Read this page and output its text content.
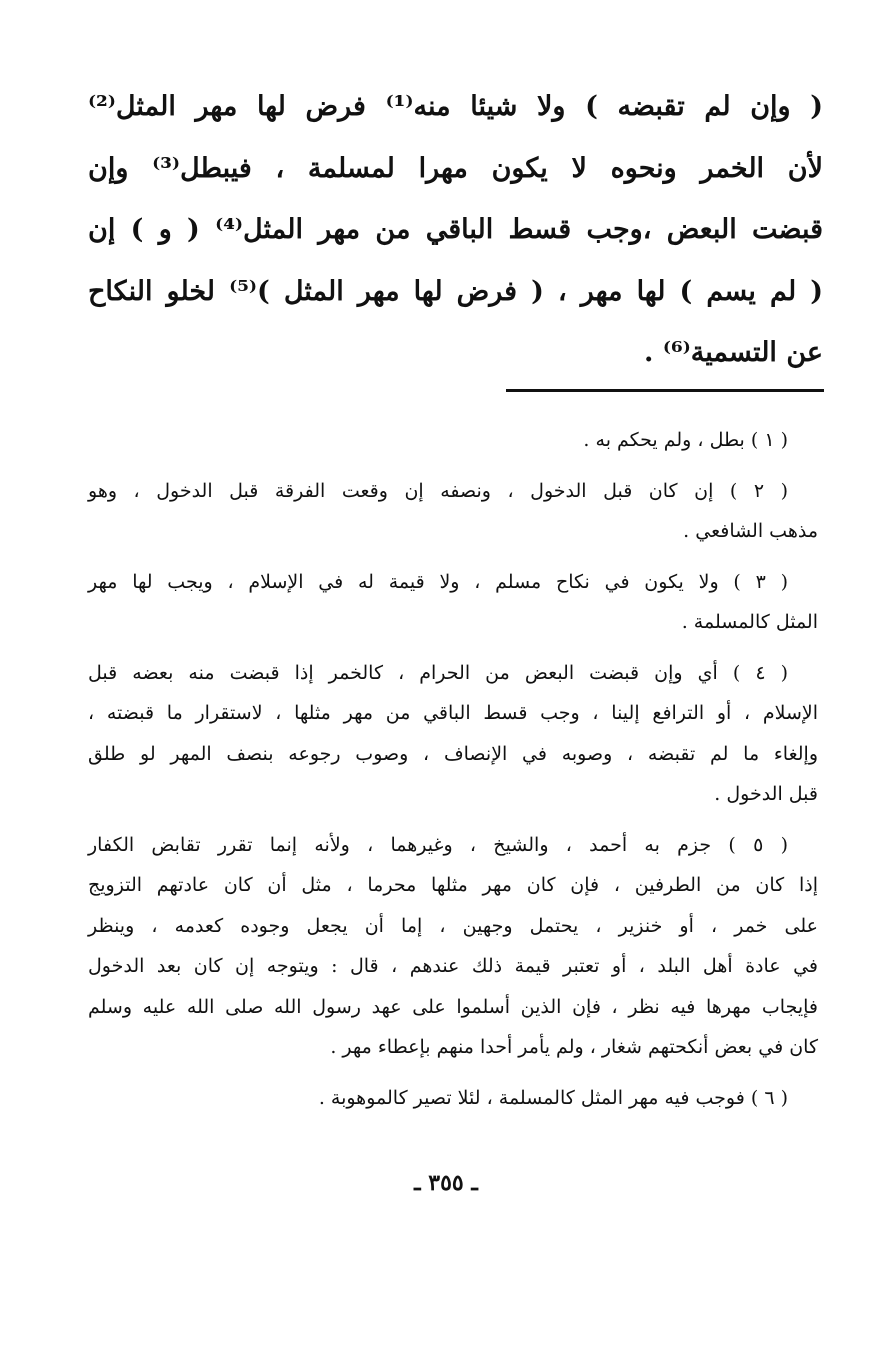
( وإن لم تقبضه ) ولا شيئا منه⁽¹⁾ فرض لها مهر المثل⁽²⁾
لأن الخمر ونحوه لا يكون مهرا لمسلمة ، فيبطل⁽³⁾ وإن
قبضت البعض ،وجب قسط الباقي من مهر المثل⁽⁴⁾ ( و ) إن
( لم يسم ) لها مهر ، ( فرض لها مهر المثل )⁽⁵⁾ لخلو النكاح
عن التسمية⁽⁶⁾ .
( ١ ) بطل ، ولم يحكم به .
( ٢ ) إن كان قبل الدخول ، ونصفه إن وقعت الفرقة قبل الدخول ، وهو
مذهب الشافعي .
( ٣ ) ولا يكون في نكاح مسلم ، ولا قيمة له في الإسلام ، ويجب لها مهر
المثل كالمسلمة .
( ٤ ) أي وإن قبضت البعض من الحرام ، كالخمر إذا قبضت منه بعضه قبل
الإسلام ، أو الترافع إلينا ، وجب قسط الباقي من مهر مثلها ، لاستقرار ما قبضته ،
وإلغاء ما لم تقبضه ، وصوبه في الإنصاف ، وصوب رجوعه بنصف المهر لو طلق
قبل الدخول .
( ٥ ) جزم به أحمد ، والشيخ ، وغيرهما ، ولأنه إنما تقرر تقابض الكفار
إذا كان من الطرفين ، فإن كان مهر مثلها محرما ، مثل أن كان عادتهم التزويج
على خمر ، أو خنزير ، يحتمل وجهين ، إما أن يجعل وجوده كعدمه ، وينظر
في عادة أهل البلد ، أو تعتبر قيمة ذلك عندهم ، قال : ويتوجه إن كان بعد الدخول
فإيجاب مهرها فيه نظر ، فإن الذين أسلموا على عهد رسول الله صلى الله عليه وسلم
كان في بعض أنكحتهم شغار ، ولم يأمر أحدا منهم بإعطاء مهر .
( ٦ ) فوجب فيه مهر المثل كالمسلمة ، لئلا تصير كالموهوبة .
ـ ٣٥٥ ـ
